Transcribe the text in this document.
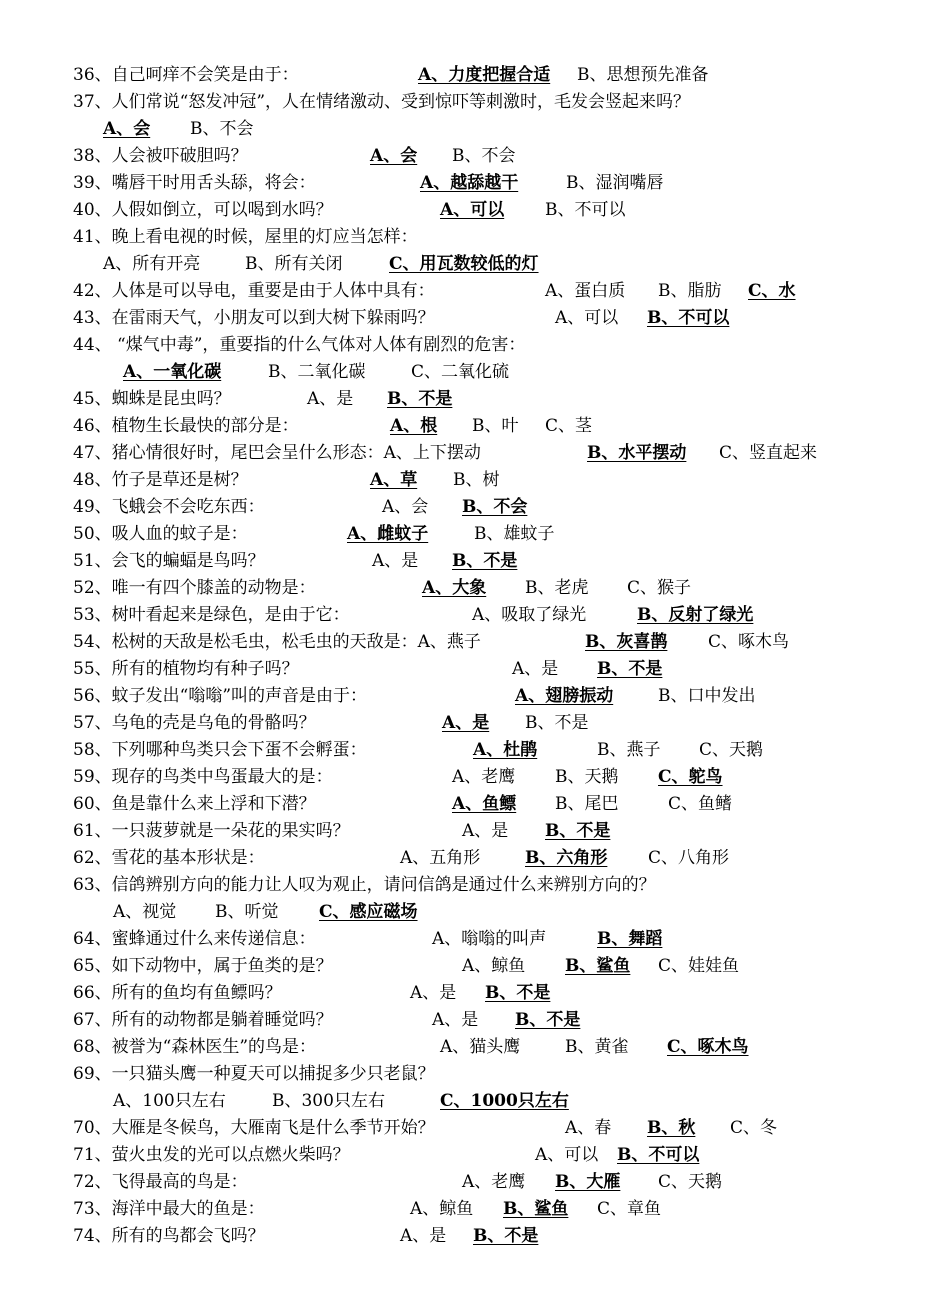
36、自己呵痒不会笑是由于：	A、力度把握合适 B、思想预先准备
37、人们常说“怒发冲冠”，人在情绪激动、受到惊吓等刺激时，毛发会竖起来吗？
A、会 B、不会
38、人会被吓破胆吗？	A、会 B、不会
39、嘴唇干时用舌头舔，将会：	A、越舔越干	B、湿润嘴唇
40、人假如倒立，可以喝到水吗？	A、可以 B、不可以
41、晚上看电视的时候，屋里的灯应当怎样：
A、所有开亮	B、所有关闭	C、用瓦数较低的灯
42、人体是可以导电，重要是由于人体中具有：	A、蛋白质 B、脂肪 C、水
43、在雷雨天气，小朋友可以到大树下躲雨吗？	A、可以 B、不可以
44、 “煤气中毒”，重要指的什么气体对人体有剧烈的危害：
A、一氧化碳	B、二氧化碳	C、二氧化硫
45、蜘蛛是昆虫吗？	A、是 B、不是
46、植物生长最快的部分是：	A、根 B、叶 C、茎
47、猪心情很好时，尾巴会呈什么形态：A、上下摆动	B、水平摆动 C、竖直起来
48、竹子是草还是树？	A、草 B、树
49、飞蛾会不会吃东西：	A、会 B、不会
50、吸人血的蚊子是：	A、雌蚊子	B、雄蚊子
51、会飞的蝙蝠是鸟吗？	A、是 B、不是
52、唯一有四个膝盖的动物是：	A、大象 B、老虎 C、猴子
53、树叶看起来是绿色，是由于它：	A、吸取了绿光	B、反射了绿光
54、松树的天敌是松毛虫，松毛虫的天敌是：A、燕子	B、灰喜鹊 C、啄木鸟
55、所有的植物均有种子吗？	A、是 B、不是
56、蚊子发出“嗡嗡”叫的声音是由于：	A、翅膀振动	B、口中发出
57、乌龟的壳是乌龟的骨骼吗？	A、是 B、不是
58、下列哪种鸟类只会下蛋不会孵蛋：	A、杜鹃	B、燕子 C、天鹅
59、现存的鸟类中鸟蛋最大的是：	A、老鹰 B、天鹅 C、鸵鸟
60、鱼是靠什么来上浮和下潜？	A、鱼鳔 B、尾巴	C、鱼鳍
61、一只菠萝就是一朵花的果实吗？	A、是 B、不是
62、雪花的基本形状是：	A、五角形	B、六角形 C、八角形
63、信鸽辨别方向的能力让人叹为观止，请问信鸽是通过什么来辨别方向的？
A、视觉 B、听觉 C、感应磁场
64、蜜蜂通过什么来传递信息：	A、嗡嗡的叫声	B、舞蹈
65、如下动物中，属于鱼类的是？	A、鲸鱼 B、鲨鱼 C、娃娃鱼
66、所有的鱼均有鱼鳔吗？	A、是 B、不是
67、所有的动物都是躺着睡觉吗？	A、是 B、不是
68、被誉为“森林医生”的鸟是：	A、猫头鹰	B、黄雀 C、啄木鸟
69、一只猫头鹰一种夏天可以捕捉多少只老鼠？
A、100只左右	B、300只左右	C、1000只左右
70、大雁是冬候鸟，大雁南飞是什么季节开始？	A、春 B、秋 C、冬
71、萤火虫发的光可以点燃火柴吗？	A、可以 B、不可以
72、飞得最高的鸟是：	A、老鹰 B、大雁 C、天鹅
73、海洋中最大的鱼是：	A、鲸鱼 B、鲨鱼 C、章鱼
74、所有的鸟都会飞吗？	A、是 B、不是
